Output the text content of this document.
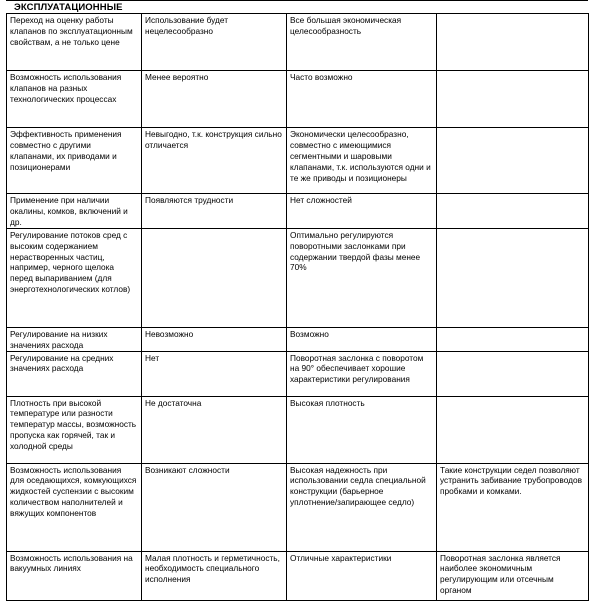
ЭКСПЛУАТАЦИОННЫЕ
Переход на оценку работы клапанов по эксплуатационным свойствам, а не только цене	Использование будет нецелесообразно	Все большая экономическая целесообразность	
Возможность использования клапанов на разных технологических процессах	Менее вероятно	Часто возможно	
Эффективность применения совместно с другими клапанами, их приводами и позиционерами	Невыгодно, т.к. конструкция сильно отличается	Экономически целесообразно, совместно с имеющимися сегментными и шаровыми клапанами, т.к. используются одни и те же приводы и позиционеры	
Применение при наличии окалины, комков, включений и др.	Появляются трудности	Нет сложностей	
Регулирование потоков сред с высоким содержанием нерастворенных частиц, например, черного щелока перед выпариванием (для энерготехнологических котлов)		Оптимально регулируются поворотными заслонками при содержании твердой фазы менее 70%	
Регулирование на низких значениях расхода	Невозможно	Возможно	
Регулирование на средних значениях расхода	Нет	Поворотная заслонка с поворотом на 90° обеспечивает хорошие характеристики регулирования	
Плотность при высокой температуре или разности температур массы, возможность пропуска как горячей, так и холодной среды	Не достаточна	Высокая плотность	
Возможность использования для оседающихся, комкующихся жидкостей суспензии с высоким количеством наполнителей и вяжущих компонентов	Возникают сложности	Высокая надежность при использовании седла специальной конструкции (барьерное уплотнение/запирающее седло)	Такие конструкции седел позволяют устранить забивание трубопроводов пробками и комками.
Возможность использования на вакуумных линиях	Малая плотность и герметичность, необходимость специального исполнения	Отличные характеристики	Поворотная заслонка является наиболее экономичным регулирующим или отсечным органом
